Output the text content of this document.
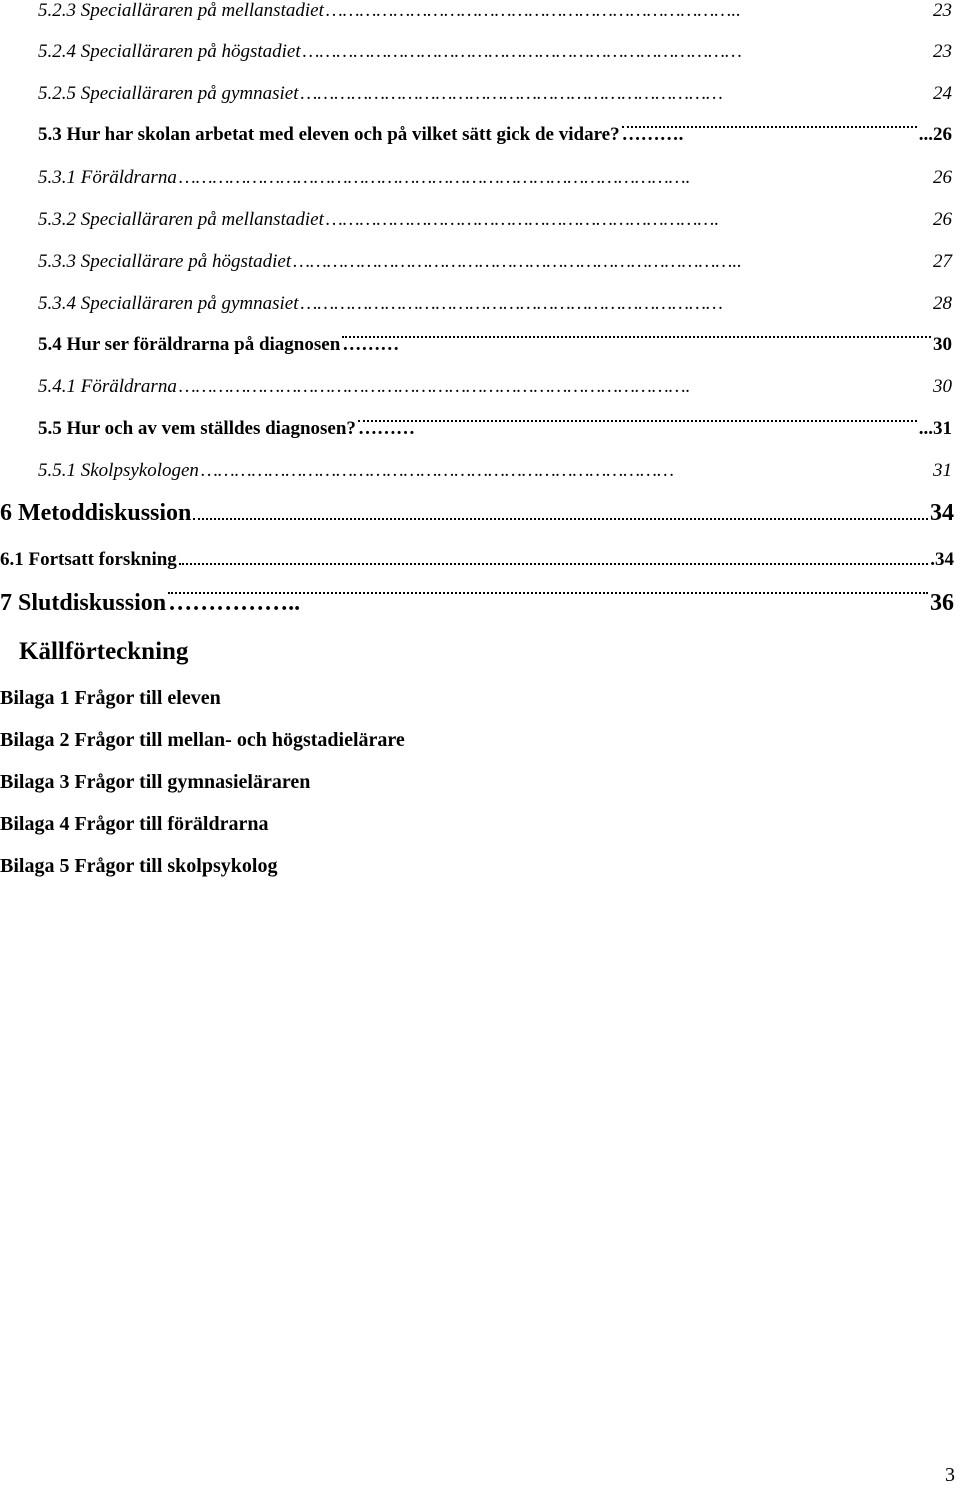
5.2.3 Specialläraren på mellanstadiet ………………………………………………………………..	23
5.2.4 Specialläraren på högstadiet ……………………………………………………………………	23
5.2.5 Specialläraren på gymnasiet …………………………………………………………………	24
5.3 Hur har skolan arbetat med eleven och på vilket sätt gick de vidare? ……….	...26
5.3.1 Föräldrarna ……………………………………………………………………………….	26
5.3.2 Specialläraren på mellanstadiet …………………………………………………………….	26
5.3.3 Speciallärare på högstadiet ……………………………………………………………………..	27
5.3.4 Specialläraren på gymnasiet …………………………………………………………………	28
5.4 Hur ser föräldrarna på diagnosen ………	30
5.4.1 Föräldrarna ……………………………………………………………………………….	30
5.5 Hur och av vem ställdes diagnosen? ………	...31
5.5.1 Skolpsykologen …………………………………………………………………………	31
6 Metoddiskussion	34
6.1 Fortsatt forskning	.34
7 Slutdiskussion ……………..	36
Källförteckning
Bilaga 1 Frågor till eleven
Bilaga 2 Frågor till mellan- och högstadielärare
Bilaga 3 Frågor till gymnasieläraren
Bilaga 4 Frågor till föräldrarna
Bilaga 5 Frågor till skolpsykolog
3
